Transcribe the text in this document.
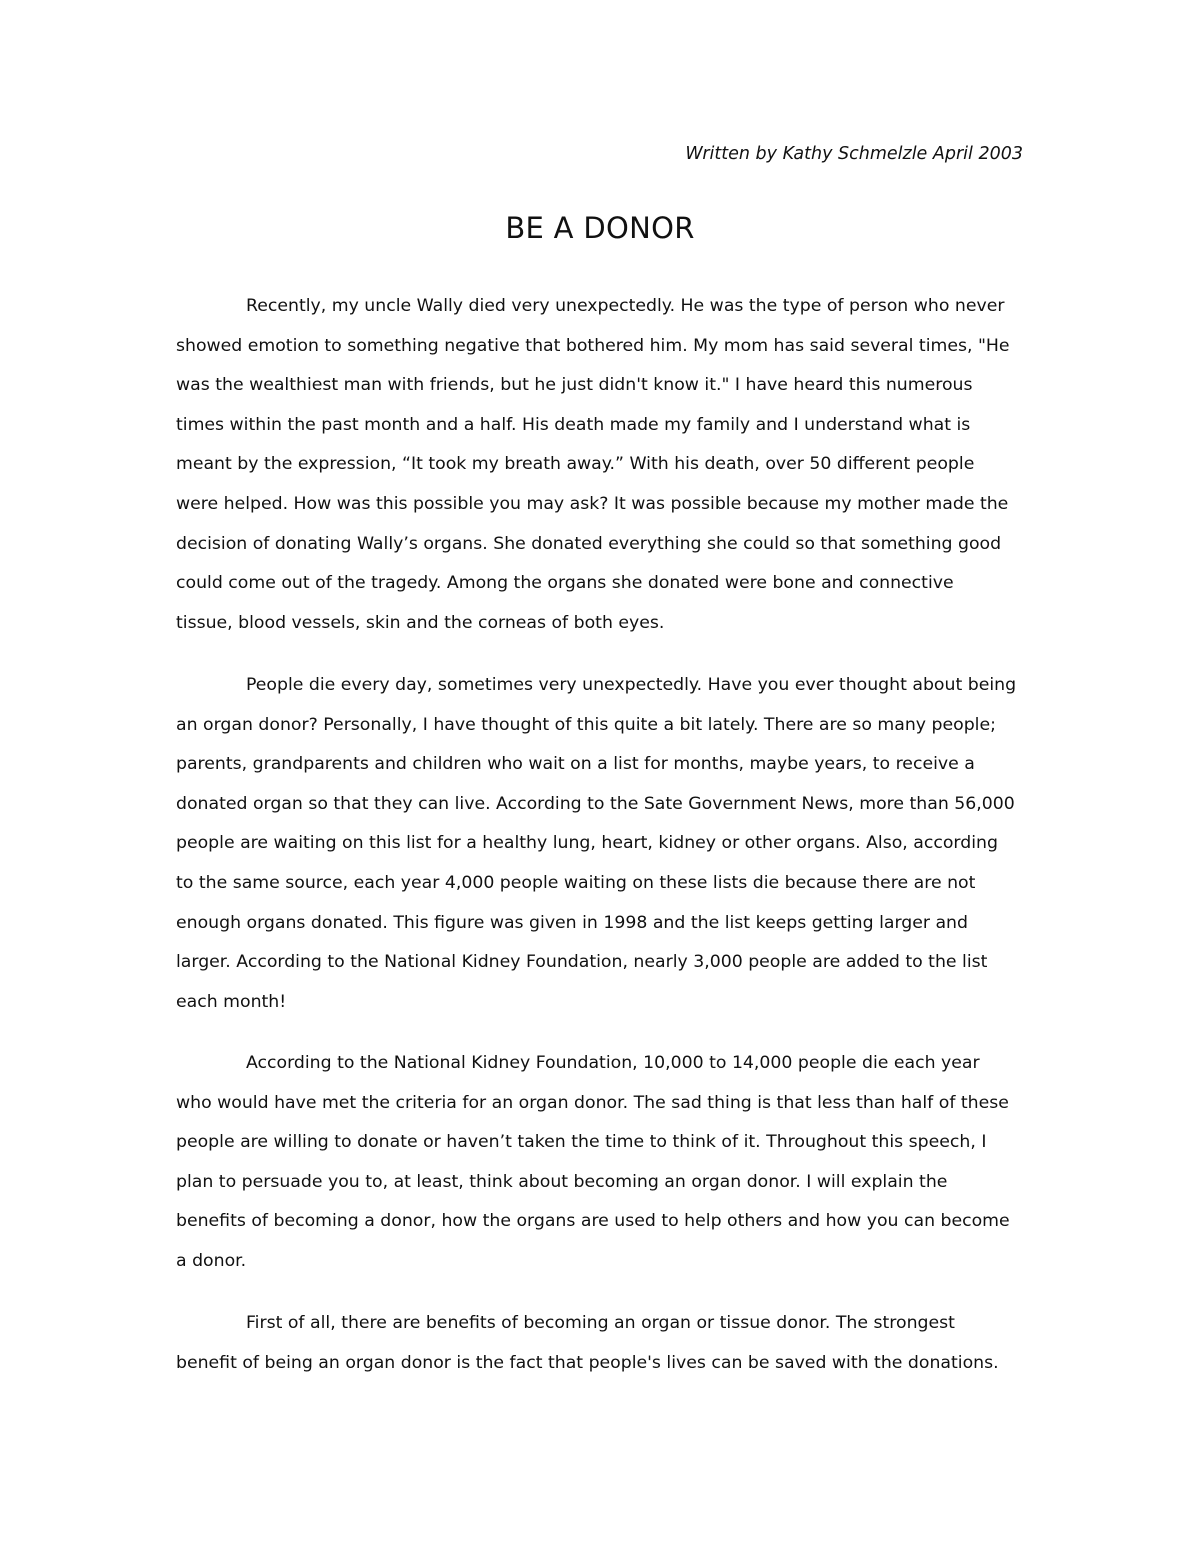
Written by Kathy Schmelzle April 2003
BE A DONOR
Recently, my uncle Wally died very unexpectedly. He was the type of person who never
showed emotion to something negative that bothered him. My mom has said several times, "He
was the wealthiest man with friends, but he just didn't know it." I have heard this numerous
times within the past month and a half. His death made my family and I understand what is
meant by the expression, “It took my breath away.” With his death, over 50 different people
were helped. How was this possible you may ask? It was possible because my mother made the
decision of donating Wally’s organs. She donated everything she could so that something good
could come out of the tragedy. Among the organs she donated were bone and connective
tissue, blood vessels, skin and the corneas of both eyes.
People die every day, sometimes very unexpectedly. Have you ever thought about being
an organ donor? Personally, I have thought of this quite a bit lately. There are so many people;
parents, grandparents and children who wait on a list for months, maybe years, to receive a
donated organ so that they can live. According to the Sate Government News, more than 56,000
people are waiting on this list for a healthy lung, heart, kidney or other organs. Also, according
to the same source, each year 4,000 people waiting on these lists die because there are not
enough organs donated. This figure was given in 1998 and the list keeps getting larger and
larger. According to the National Kidney Foundation, nearly 3,000 people are added to the list
each month!
According to the National Kidney Foundation, 10,000 to 14,000 people die each year
who would have met the criteria for an organ donor. The sad thing is that less than half of these
people are willing to donate or haven’t taken the time to think of it. Throughout this speech, I
plan to persuade you to, at least, think about becoming an organ donor. I will explain the
benefits of becoming a donor, how the organs are used to help others and how you can become
a donor.
First of all, there are benefits of becoming an organ or tissue donor. The strongest
benefit of being an organ donor is the fact that people's lives can be saved with the donations.
